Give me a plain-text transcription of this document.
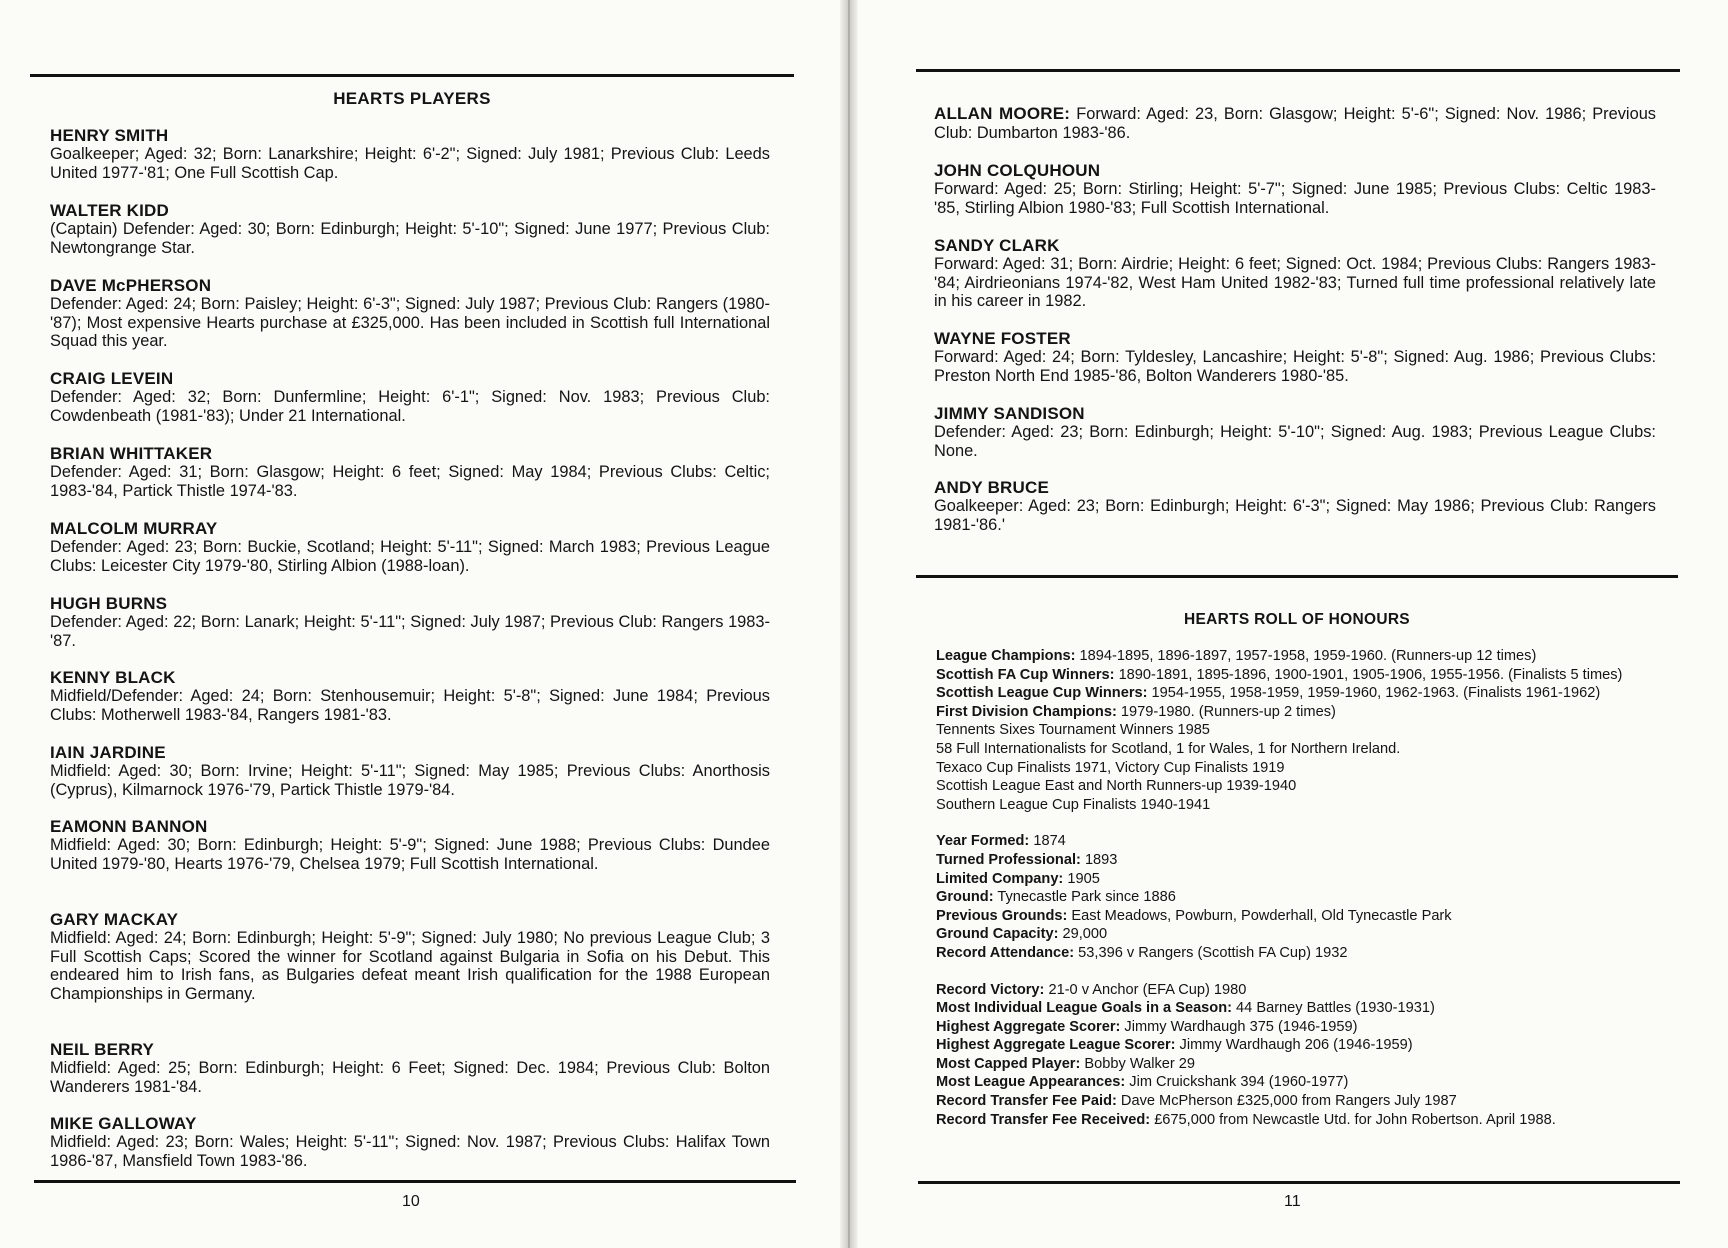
HEARTS PLAYERS
HENRY SMITH
Goalkeeper; Aged: 32; Born: Lanarkshire; Height: 6'-2"; Signed: July 1981; Previous Club: Leeds United 1977-'81; One Full Scottish Cap.
WALTER KIDD
(Captain) Defender: Aged: 30; Born: Edinburgh; Height: 5'-10"; Signed: June 1977; Previous Club: Newtongrange Star.
DAVE McPHERSON
Defender: Aged: 24; Born: Paisley; Height: 6'-3"; Signed: July 1987; Previous Club: Rangers (1980-'87); Most expensive Hearts purchase at £325,000. Has been included in Scottish full International Squad this year.
CRAIG LEVEIN
Defender: Aged: 32; Born: Dunfermline; Height: 6'-1"; Signed: Nov. 1983; Previous Club: Cowdenbeath (1981-'83); Under 21 International.
BRIAN WHITTAKER
Defender: Aged: 31; Born: Glasgow; Height: 6 feet; Signed: May 1984; Previous Clubs: Celtic; 1983-'84, Partick Thistle 1974-'83.
MALCOLM MURRAY
Defender: Aged: 23; Born: Buckie, Scotland; Height: 5'-11"; Signed: March 1983; Previous League Clubs: Leicester City 1979-'80, Stirling Albion (1988-loan).
HUGH BURNS
Defender: Aged: 22; Born: Lanark; Height: 5'-11"; Signed: July 1987; Previous Club: Rangers 1983-'87.
KENNY BLACK
Midfield/Defender: Aged: 24; Born: Stenhousemuir; Height: 5'-8"; Signed: June 1984; Previous Clubs: Motherwell 1983-'84, Rangers 1981-'83.
IAIN JARDINE
Midfield: Aged: 30; Born: Irvine; Height: 5'-11"; Signed: May 1985; Previous Clubs: Anorthosis (Cyprus), Kilmarnock 1976-'79, Partick Thistle 1979-'84.
EAMONN BANNON
Midfield: Aged: 30; Born: Edinburgh; Height: 5'-9"; Signed: June 1988; Previous Clubs: Dundee United 1979-'80, Hearts 1976-'79, Chelsea 1979; Full Scottish International.
GARY MACKAY
Midfield: Aged: 24; Born: Edinburgh; Height: 5'-9"; Signed: July 1980; No previous League Club; 3 Full Scottish Caps; Scored the winner for Scotland against Bulgaria in Sofia on his Debut. This endeared him to Irish fans, as Bulgaries defeat meant Irish qualification for the 1988 European Championships in Germany.
NEIL BERRY
Midfield: Aged: 25; Born: Edinburgh; Height: 6 Feet; Signed: Dec. 1984; Previous Club: Bolton Wanderers 1981-'84.
MIKE GALLOWAY
Midfield: Aged: 23; Born: Wales; Height: 5'-11"; Signed: Nov. 1987; Previous Clubs: Halifax Town 1986-'87, Mansfield Town 1983-'86.
10
ALLAN MOORE: Forward: Aged: 23, Born: Glasgow; Height: 5'-6"; Signed: Nov. 1986; Previous Club: Dumbarton 1983-'86.
JOHN COLQUHOUN
Forward: Aged: 25; Born: Stirling; Height: 5'-7"; Signed: June 1985; Previous Clubs: Celtic 1983-'85, Stirling Albion 1980-'83; Full Scottish International.
SANDY CLARK
Forward: Aged: 31; Born: Airdrie; Height: 6 feet; Signed: Oct. 1984; Previous Clubs: Rangers 1983-'84; Airdrieonians 1974-'82, West Ham United 1982-'83; Turned full time professional relatively late in his career in 1982.
WAYNE FOSTER
Forward: Aged: 24; Born: Tyldesley, Lancashire; Height: 5'-8"; Signed: Aug. 1986; Previous Clubs: Preston North End 1985-'86, Bolton Wanderers 1980-'85.
JIMMY SANDISON
Defender: Aged: 23; Born: Edinburgh; Height: 5'-10"; Signed: Aug. 1983; Previous League Clubs: None.
ANDY BRUCE
Goalkeeper: Aged: 23; Born: Edinburgh; Height: 6'-3"; Signed: May 1986; Previous Club: Rangers 1981-'86.'
HEARTS ROLL OF HONOURS
League Champions: 1894-1895, 1896-1897, 1957-1958, 1959-1960. (Runners-up 12 times)
Scottish FA Cup Winners: 1890-1891, 1895-1896, 1900-1901, 1905-1906, 1955-1956. (Finalists 5 times)
Scottish League Cup Winners: 1954-1955, 1958-1959, 1959-1960, 1962-1963. (Finalists 1961-1962)
First Division Champions: 1979-1980. (Runners-up 2 times)
Tennents Sixes Tournament Winners 1985
58 Full Internationalists for Scotland, 1 for Wales, 1 for Northern Ireland.
Texaco Cup Finalists 1971, Victory Cup Finalists 1919
Scottish League East and North Runners-up 1939-1940
Southern League Cup Finalists 1940-1941
Year Formed: 1874
Turned Professional: 1893
Limited Company: 1905
Ground: Tynecastle Park since 1886
Previous Grounds: East Meadows, Powburn, Powderhall, Old Tynecastle Park
Ground Capacity: 29,000
Record Attendance: 53,396 v Rangers (Scottish FA Cup) 1932
Record Victory: 21-0 v Anchor (EFA Cup) 1980
Most Individual League Goals in a Season: 44 Barney Battles (1930-1931)
Highest Aggregate Scorer: Jimmy Wardhaugh 375 (1946-1959)
Highest Aggregate League Scorer: Jimmy Wardhaugh 206 (1946-1959)
Most Capped Player: Bobby Walker 29
Most League Appearances: Jim Cruickshank 394 (1960-1977)
Record Transfer Fee Paid: Dave McPherson £325,000 from Rangers July 1987
Record Transfer Fee Received: £675,000 from Newcastle Utd. for John Robertson. April 1988.
11
